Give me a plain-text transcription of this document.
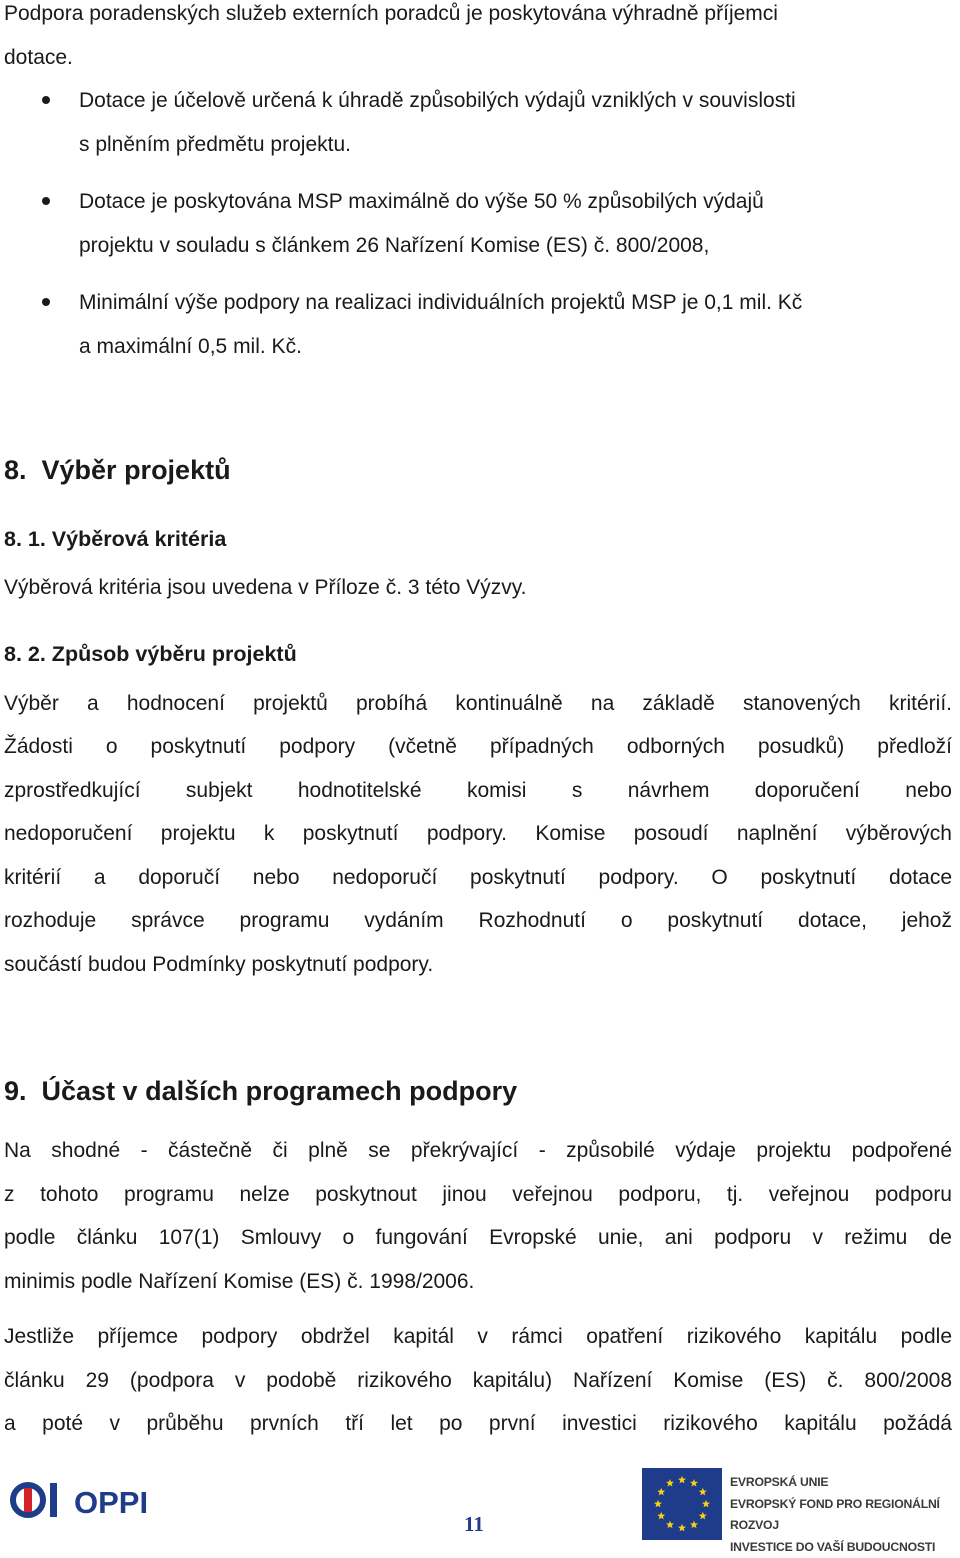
Podpora poradenských služeb externích poradců je poskytována výhradně příjemci

dotace.

Dotace je účelově určená k úhradě způsobilých výdajů vzniklých v souvislosti
s plněním předmětu projektu.
Dotace je poskytována MSP maximálně do výše 50 % způsobilých výdajů
projektu v souladu s článkem 26 Nařízení Komise (ES) č. 800/2008,
Minimální výše podpory na realizaci individuálních projektů MSP je 0,1 mil. Kč
a maximální 0,5 mil. Kč.
8.  Výběr projektů
8. 1. Výběrová kritéria

Výběrová kritéria jsou uvedena v Příloze č. 3 této Výzvy.

8. 2. Způsob výběru projektů

Výběr a hodnocení projektů probíhá kontinuálně na základě stanovených kritérií.

Žádosti o poskytnutí podpory (včetně případných odborných posudků) předloží

zprostředkující subjekt hodnotitelské komisi s návrhem doporučení nebo

nedoporučení projektu k poskytnutí podpory. Komise posoudí naplnění výběrových

kritérií a doporučí nebo nedoporučí poskytnutí podpory. O poskytnutí dotace

rozhoduje správce programu vydáním Rozhodnutí o poskytnutí dotace, jehož

součástí budou Podmínky poskytnutí podpory.

9.  Účast v dalších programech podpory

Na shodné - částečně či plně se překrývající - způsobilé výdaje projektu podpořené

z tohoto programu nelze poskytnout jinou veřejnou podporu, tj. veřejnou podporu

podle článku 107(1) Smlouvy o fungování Evropské unie, ani podporu v režimu de

minimis podle Nařízení Komise (ES) č. 1998/2006.

Jestliže příjemce podpory obdržel kapitál v rámci opatření rizikového kapitálu podle

článku 29 (podpora v podobě rizikového kapitálu) Nařízení Komise (ES) č. 800/2008

a poté v průběhu prvních tří let po první investici rizikového kapitálu požádá

OPPI
11
EVROPSKÁ UNIE
EVROPSKÝ FOND PRO REGIONÁLNÍ ROZVOJ
INVESTICE DO VAŠÍ BUDOUCNOSTI
